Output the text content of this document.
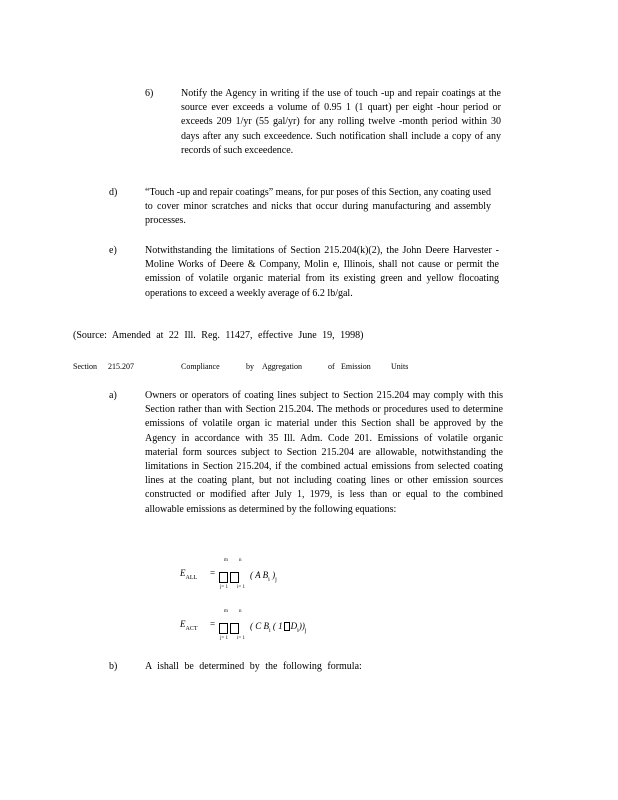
6)	Notify the Agency in writing if the use of touch -up and repair coatings at the source ever exceeds a volume of 0.95 1 (1 quart) per eight -hour period or exceeds 209 1/yr (55 gal/yr) for any rolling twelve -month period within 30 days after any such exceedence. Such notification shall include a copy of any records of such exceedence.
d)	“Touch -up and repair coatings” means, for pur poses of this Section, any coating used to cover minor scratches and nicks that occur during manufacturing and assembly processes.
e)	Notwithstanding the limitations of Section 215.204(k)(2), the John Deere Harvester -Moline Works of Deere & Company, Molin e, Illinois, shall not cause or permit the emission of volatile organic material from its existing green and yellow flocoating operations to exceed a weekly average of 6.2 lb/gal.
(Source: Amended at 22 Ill. Reg. 11427, effective June 19, 1998)
Section 215.207	Compliance	by Aggregation	of Emission	Units
a)	Owners or operators of coating lines subject to Section 215.204 may comply with this Section rather than with Section 215.204. The methods or procedures used to determine emissions of volatile organ ic material under this Section shall be approved by the Agency in accordance with 35 Ill. Adm. Code 201. Emissions of volatile organic material form sources subject to Section 215.204 are allowable, notwithstanding the limitations in Section 215.204, if the combined actual emissions from selected coating lines at the coating plant, but not including coating lines or other emission sources constructed or modified after July 1, 1979, is less than or equal to the combined allowable emissions as determined by the following equations:
m n
$E_{ALL}$ =	( A $B_i$ )$_j$
j= 1 i= 1
m n
$E_{ACT}$ =	( C $B_i$ ( 1 $D_i))_j$
j= 1 i= 1
b)	A ishall be determined by the following formula:
